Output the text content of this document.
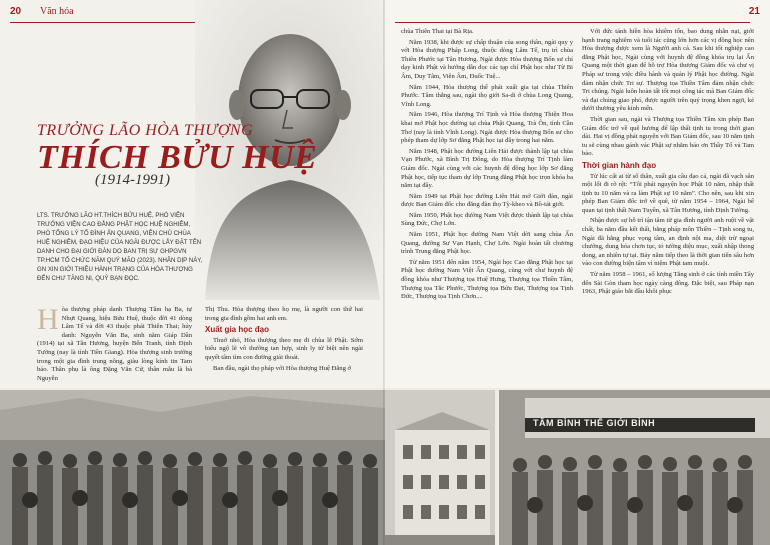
20 Văn hóa
TRƯỞNG LÃO HÒA THƯỢNG
THÍCH BỬU HUỆ
(1914-1991)
LTS. TRƯỞNG LÃO HT.THÍCH BỬU HUỆ, PHÓ VIỆN TRƯỞNG VIỆN CAO ĐẲNG PHẬT HỌC HUỆ NGHIÊM, PHÓ TỔNG LÝ TỔ ĐÌNH ẤN QUANG, VIỆN CHỦ CHÙA HUỆ NGHIÊM, ĐẠO HIỆU CỦA NGÀI ĐƯỢC LẤY ĐẶT TÊN DANH CHO ĐẠI GIỚI ĐÀN DO BAN TRỊ SỰ GHPGVN TP.HCM TỔ CHỨC NĂM QUÝ MÃO (2023). NHÂN DỊP NÀY, GN XIN GIỚI THIỆU HÀNH TRẠNG CỦA HÒA THƯỢNG ĐẾN CHƯ TĂNG NI, QUÝ BẠN ĐỌC.
H òa thượng pháp danh Thượng Tâm hạ Ba, tự Nhựt Quang, hiệu Bửu Huệ, thuộc đời 41 dòng Lâm Tế và đời 43 thuộc phái Thiên Thai; húy danh: Nguyễn Văn Ba, sinh năm Giáp Dần (1914) tại xã Tân Hương, huyện Bến Tranh, tỉnh Định Tường (nay là tỉnh Tiền Giang). Hòa thượng sinh trưởng trong một gia đình trung nông, giàu lòng kính tin Tam bảo. Thân phụ là ông Đặng Văn Cử, thân mẫu là bà Nguyễn

Thị Thu. Hòa thượng theo họ mẹ, là người con thứ hai trong gia đình gồm hai anh em.

Xuất gia học đạo

Thuở nhỏ, Hòa thượng theo mẹ đi chùa lễ Phật. Sớm biểu ngộ lẽ vô thường tan hợp, sinh ly tử biệt nên ngài quyết tâm tìm con đường giải thoát.

Ban đầu, ngài thọ pháp với Hòa thượng Huệ Đăng ở

21

chùa Thiên Thai tại Bà Rịa.

Năm 1938, khi được sự chấp thuận của song thân, ngài quy y với Hòa thượng Pháp Long, thuộc dòng Lâm Tế, trụ trì chùa Thiên Phước tại Tân Hương. Ngài được Hòa thượng Bổn sư chỉ dạy kinh Phật và hướng dẫn đọc các tạp chí Phật học như Từ Bi Âm, Duy Tâm, Viên Âm, Đuốc Tuệ...

Năm 1944, Hòa thượng thế phát xuất gia tại chùa Thiên Phước. Tâm thắng sau, ngài thọ giới Sa-di ở chùa Long Quang, Vĩnh Long.

Năm 1946, Hòa thượng Trí Tịnh và Hòa thượng Thiện Hoa khai mở Phật học đường tại chùa Phật Quang, Trà Ôn, tỉnh Cần Thơ (nay là tỉnh Vĩnh Long). Ngài được Hòa thượng Bổn sư cho phép tham dự lớp Sơ đẳng Phật học tại đây trong hai năm.

Năm 1948, Phật học đường Liên Hải được thành lập tại chùa Vạn Phước, xã Bình Trị Đông, do Hòa thượng Trí Tịnh làm Giám đốc. Ngài cùng với các huynh đệ đồng học lớp Sơ đẳng Phật học, tiếp tục tham dự lớp Trung đẳng Phật học trọn khóa ba năm tại đây.

Năm 1949 tại Phật học đường Liên Hải mở Giới đàn, ngài được Ban Giám đốc cho đăng đàn thọ Tỳ-kheo và Bồ-tát giới.

Năm 1950, Phật học đường Nam Việt được thành lập tại chùa Sùng Đức, Chợ Lớn.

Năm 1951, Phật học đường Nam Việt dời sang chùa Ấn Quang, đường Sư Vạn Hạnh, Chợ Lớn. Ngài hoàn tất chương trình Trung đẳng Phật học.

Từ năm 1951 đến năm 1954, Ngài học Cao đẳng Phật học tại Phật học đường Nam Việt Ấn Quang, cùng với chư huynh đệ đồng khóa như Thượng tọa Huệ Hưng, Thượng tọa Thiền Tâm, Thượng tọa Tắc Phước, Thượng tọa Bửu Đạt, Thượng tọa Tịnh Đức, Thượng tọa Tịnh Chơn....

Với đức tánh hiền hòa khiêm tốn, bao dung nhẫn nại, giới hạnh trang nghiêm và tuổi tác cũng lớn hơn các vị đồng học nên Hòa thượng được xem là Người anh cả. Sau khi tốt nghiệp cao đẳng Phật học, Ngài cùng với huynh đệ đồng khóa trụ lại Ấn Quang một thời gian để hỗ trợ Hòa thượng Giám đốc và chư vị Pháp sư trong việc điều hành và quản lý Phật học đường. Ngài đảm nhận chức Tri sự. Thượng tọa Thiền Tâm đảm nhận chức Tri chúng. Ngài luôn hoàn tất tốt mọi công tác mà Ban Giám đốc và đại chúng giao phó, được người trên quý trọng khen ngợi, kẻ dưới thương yêu kính mến.

Thời gian sau, ngài và Thượng tọa Thiền Tâm xin phép Ban Giám đốc trở về quê hương để lập thất tịnh tu trong thời gian dài. Hai vị đồng phát nguyện với Ban Giám đốc, sau 10 năm tịnh tu sẽ cùng nhau gánh vác Phật sự nhằm báo ơn Thầy Tổ và Tam bảo.

Thời gian hành đạo

Từ lúc cất ai từ số thân, xuất gia cầu đạo cả, ngài đã vạch sẵn một lối đi rõ rệt: “Tôi phát nguyện học Phật 10 năm, nhập thất tịnh tu 10 năm và ra làm Phật sự 10 năm”. Cho nên, sau khi xin phép Ban Giám đốc trở về quê, từ năm 1954 – 1964, Ngài bế quan tại tịnh thất Nam Tuyền, xã Tân Hương, tỉnh Định Tường.

Nhận được sự hỗ trì tận tâm từ gia đình người anh ruột về vật chất, ba năm đầu kết thất, bằng pháp môn Thiền – Tịnh song tu, Ngài đã hằng phục vọng tâm, an định nội ma, diệt trừ ngoại chướng, dung hóa chơn tục, tỏ tường diệu mục, xuất nhập thong dong, an nhiên tự tại. Bảy năm tiếp theo là thời gian tiến sâu hơn vào con đường biện tâm vì niệm Phật tam muội.

Từ năm 1958 – 1961, số lượng Tăng sinh ở các tỉnh miền Tây đến Sài Gòn tham học ngày càng đông. Đặc biệt, sau Pháp nạn 1963, Phật giáo bắt đầu khôi phục

TÂM BÌNH THẾ GIỚI BÌNH
